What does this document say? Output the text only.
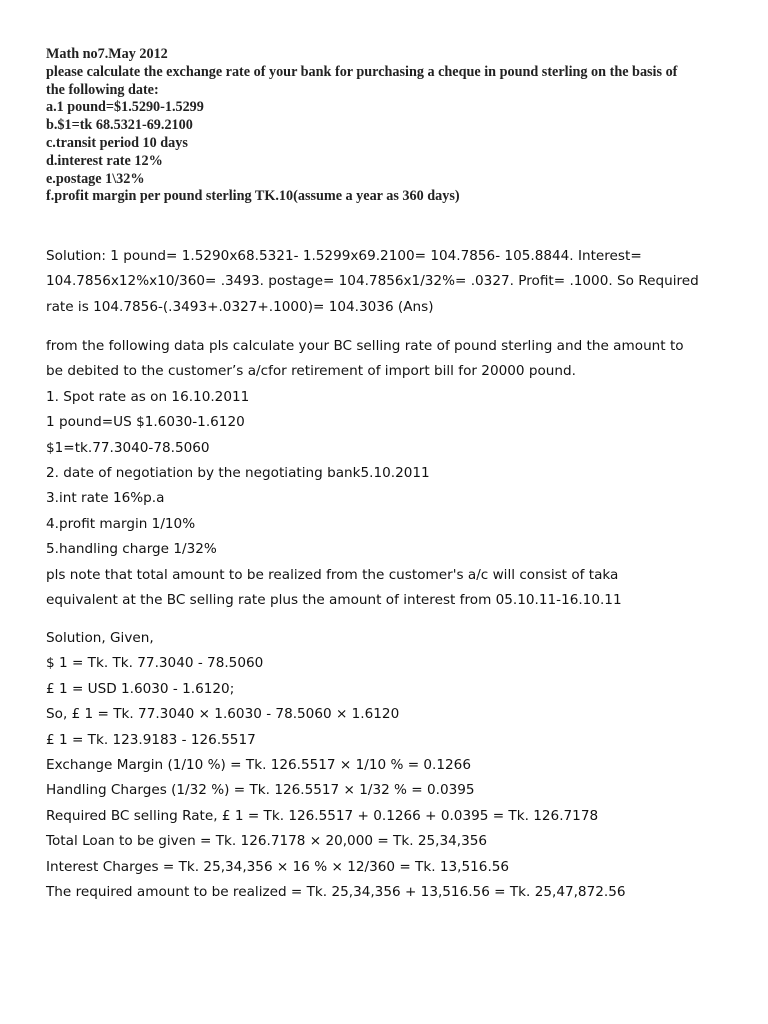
Math no7.May 2012
please calculate the exchange rate of your bank for purchasing a cheque in pound sterling on the basis of
the following date:
a.1 pound=$1.5290-1.5299
b.$1=tk 68.5321-69.2100
c.transit period 10 days
d.interest rate 12%
e.postage 1\32%
f.profit margin per pound sterling TK.10(assume a year as 360 days)
Solution: 1 pound= 1.5290x68.5321- 1.5299x69.2100= 104.7856- 105.8844. Interest=
104.7856x12%x10/360= .3493. postage= 104.7856x1/32%= .0327. Profit= .1000. So Required
rate is 104.7856-(.3493+.0327+.1000)= 104.3036 (Ans)
from the following data pls calculate your BC selling rate of pound sterling and the amount to
be debited to the customer’s a/cfor retirement of import bill for 20000 pound.
1. Spot rate as on 16.10.2011
1 pound=US $1.6030-1.6120
$1=tk.77.3040-78.5060
2. date of negotiation by the negotiating bank5.10.2011
3.int rate 16%p.a
4.profit margin 1/10%
5.handling charge 1/32%
pls note that total amount to be realized from the customer's a/c will consist of taka
equivalent at the BC selling rate plus the amount of interest from 05.10.11-16.10.11
Solution, Given,
$ 1 = Tk. Tk. 77.3040 - 78.5060
£ 1 = USD 1.6030 - 1.6120;
So, £ 1 = Tk. 77.3040 × 1.6030 - 78.5060 × 1.6120
£ 1 = Tk. 123.9183 - 126.5517
Exchange Margin (1/10 %) = Tk. 126.5517 × 1/10 % = 0.1266
Handling Charges (1/32 %) = Tk. 126.5517 × 1/32 % = 0.0395
Required BC selling Rate, £ 1 = Tk. 126.5517 + 0.1266 + 0.0395 = Tk. 126.7178
Total Loan to be given = Tk. 126.7178 × 20,000 = Tk. 25,34,356
Interest Charges = Tk. 25,34,356 × 16 % × 12/360 = Tk. 13,516.56
The required amount to be realized = Tk. 25,34,356 + 13,516.56 = Tk. 25,47,872.56
